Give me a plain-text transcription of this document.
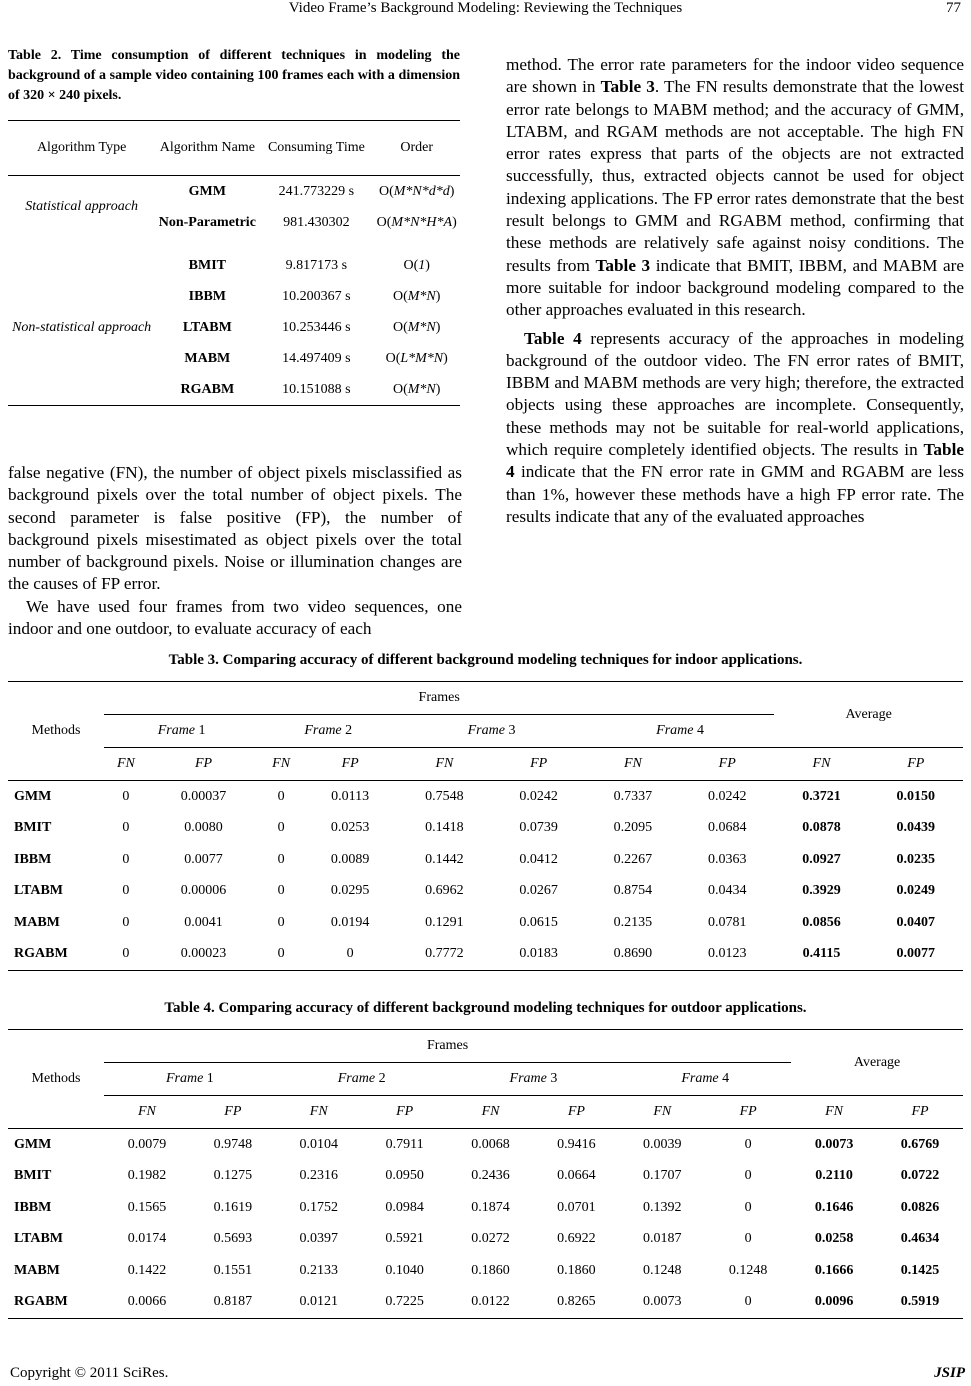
Video Frame’s Background Modeling: Reviewing the Techniques	77
Table 2. Time consumption of different techniques in modeling the background of a sample video containing 100 frames each with a dimension of 320 × 240 pixels.
Algorithm Type	Algorithm Name	Consuming Time	Order
Statistical approach	GMM	241.773229 s	O(M*N*d*d)
	Non-Parametric	981.430302	O(M*N*H*A)

Non-statistical approach	BMIT	9.817173 s	O(1)
	IBBM	10.200367 s	O(M*N)
	LTABM	10.253446 s	O(M*N)
	MABM	14.497409 s	O(L*M*N)
	RGABM	10.151088 s	O(M*N)

false negative (FN), the number of object pixels misclassified as background pixels over the total number of object pixels. The second parameter is false positive (FP), the number of background pixels misestimated as object pixels over the total number of background pixels. Noise or illumination changes are the causes of FP error.

We have used four frames from two video sequences, one indoor and one outdoor, to evaluate accuracy of each

method. The error rate parameters for the indoor video sequence are shown in Table 3. The FN results demonstrate that the lowest error rate belongs to MABM method; and the accuracy of GMM, LTABM, and RGAM methods are not acceptable. The high FN error rates express that parts of the objects are not extracted successfully, thus, extracted objects cannot be used for object indexing applications. The FP error rates demonstrate that the best result belongs to GMM and RGABM method, confirming that these methods are relatively safe against noisy conditions. The results from Table 3 indicate that BMIT, IBBM, and MABM are more suitable for indoor background modeling compared to the other approaches evaluated in this research.

Table 4 represents accuracy of the approaches in modeling background of the outdoor video. The FN error rates of BMIT, IBBM and MABM methods are very high; therefore, the extracted objects using these approaches are incomplete. Consequently, these methods may not be suitable for real-world applications, which require completely identified objects. The results in Table 4 indicate that the FN error rate in GMM and RGABM are less than 1%, however these methods have a high FP error rate. The results indicate that any of the evaluated approaches

Table 3. Comparing accuracy of different background modeling techniques for indoor applications.
Methods	Frames								Average	
	Frame 1		Frame 2		Frame 3		Frame 4			
	FN	FP	FN	FP	FN	FP	FN	FP	FN	FP
GMM	0	0.00037	0	0.0113	0.7548	0.0242	0.7337	0.0242	0.3721	0.0150
BMIT	0	0.0080	0	0.0253	0.1418	0.0739	0.2095	0.0684	0.0878	0.0439
IBBM	0	0.0077	0	0.0089	0.1442	0.0412	0.2267	0.0363	0.0927	0.0235
LTABM	0	0.00006	0	0.0295	0.6962	0.0267	0.8754	0.0434	0.3929	0.0249
MABM	0	0.0041	0	0.0194	0.1291	0.0615	0.2135	0.0781	0.0856	0.0407
RGABM	0	0.00023	0	0	0.7772	0.0183	0.8690	0.0123	0.4115	0.0077
Table 4. Comparing accuracy of different background modeling techniques for outdoor applications.
Methods	Frames								Average	
	Frame 1		Frame 2		Frame 3		Frame 4			
	FN	FP	FN	FP	FN	FP	FN	FP	FN	FP
GMM	0.0079	0.9748	0.0104	0.7911	0.0068	0.9416	0.0039	0	0.0073	0.6769
BMIT	0.1982	0.1275	0.2316	0.0950	0.2436	0.0664	0.1707	0	0.2110	0.0722
IBBM	0.1565	0.1619	0.1752	0.0984	0.1874	0.0701	0.1392	0	0.1646	0.0826
LTABM	0.0174	0.5693	0.0397	0.5921	0.0272	0.6922	0.0187	0	0.0258	0.4634
MABM	0.1422	0.1551	0.2133	0.1040	0.1860	0.1860	0.1248	0.1248	0.1666	0.1425
RGABM	0.0066	0.8187	0.0121	0.7225	0.0122	0.8265	0.0073	0	0.0096	0.5919
Copyright © 2011 SciRes.	JSIP
